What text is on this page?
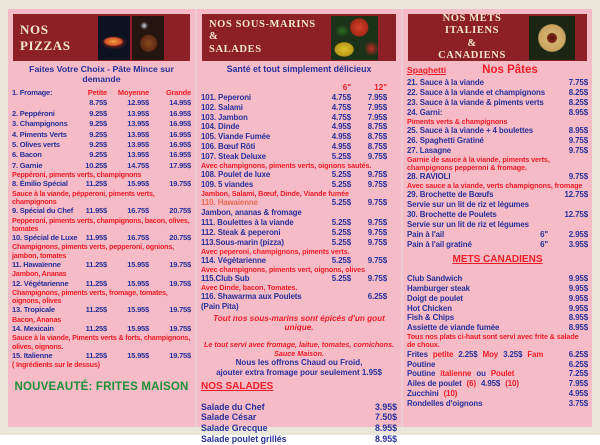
NOS PIZZAS

Faites Votre Choix - Pâte Mince sur demande

1. Fromage:	Petite	Moyenne	Grande
8.75$	12.95$	14.95$
2. Peppéroni	9.25$	13.95$	16.95$
3. Champignons	9.25$	13.95$	16.95$
4. Piments Verts	9.25$	13.95$	16.95$
5. Olives verts	9.25$	13.95$	16.95$
6. Bacon	9.25$	13.95$	16.95$
7. Garnie	10.25$	14.75$	17.95$
Peppéroni, piments verts, champignons
8. Émilio Spécial	11.25$	15.95$	19.75$
Sauce à la viande, pépperoni, piments verts, champignons
9. Spécial du Chef	11.95$	16.75$	20.75$
Pepperoni, piments verts, champignons, bacon, olives, tomates
10. Spécial de Luxe	11.95$	16.75$	20.75$
Champignons, piments verts, pepperoni, ognions, jambon, tomates
11. Hawaïenne	11.25$	15.95$	19.75$
Jambon, Ananas
12. Végétarienne	11.25$	15.95$	19.75$
Champignons, piments verts, fromage, tomates, oignons, olives
13. Tropicale	11.25$	15.95$	19.75$
Bacon, Ananas
14. Mexicain	11.25$	15.95$	19.75$
Sauce à la viande, Piments verts & forts, champignons, olives, oignons.
15. Italienne	11.25$	15.95$	19.75$
( Ingrédients sur le dessus)

NOUVEAUTÉ: FRITES MAISON

NOS SOUS-MARINS
&
SALADES

Santé et tout simplement délicieux

6"	12"
101. Peperoni	4.75$	7.95$
102. Salami	4.75$	7.95$
103. Jambon	4.75$	7.95$
104. Dinde	4.95$	8.75$
105. Viande Fumée	4.95$	8.75$
106. Bœuf Rôti	4.95$	8.75$
107. Steak Deluxe	5.25$	9.75$
Avec champignons, piments verts, oignons sautés.
108. Poulet de luxe	5.25$	9.75$
109. 5 viandes	5.25$	9.75$
Jambon, Salami, Bœuf, Dinde, Viande fumée
110. Hawaienne	5.25$	9.75$
Jambon, ananas & fromage
111. Boulettes à la viande	5.25$	9.75$
112. Steak & peperoni	5.25$	9.75$
113.Sous-marin (pizza)	5.25$	9.75$
Avec peperoni, champignons, piments verts.
114. Végétarienne	5.25$	9.75$
Avec champignons, piments vert, oignons, olives
115.Club Sub	5.25$	9.75$
Avec Dinde, bacon, Tomates.
116. Shawarma aux Poulets	6.25$
(Pain Pita)

Tout nos sous-marins sont épicés d'un gout unique.

Le tout servi avec fromage, laitue, tomates, cornichons. Sauce Maison.

Nous les offrons Chaud ou Froid,

ajouter extra fromage pour seulement 1.95$

NOS SALADES
Salade du Chef	3.95$
Salade César	7.50$
Salade Grecque	8.95$
Salade poulet grillés	8.95$
NOS METS ITALIENS
&
CANADIENS
Spaghetti	Nos Pâtes
21. Sauce à la viande	7.75$
22. Sauce à la viande et champignons	8.25$
23. Sauce à la viande & piments verts	8.25$
24. Garni:	8.95$
Piments verts & champignons
25. Sauce à la viande + 4 boulettes	8.95$
26. Spaghetti Gratiné	9.75$
27. Lasagne	9.75$
Garnie de sauce à la viande, piments verts, champignons pepperoni & fromage.
28. RAVIOLI	9.75$
Avec sauce a la viande, verts champignons, fromage
29. Brochette de Bœufs	12.75$
Servie sur un lit de riz et légumes
30. Brochette de Poulets	12.75$
Servie sur un lit de riz et légumes
Pain à l'ail	6"	2.95$
Pain à l'ail gratiné	6"	3.95$
METS CANADIENS
Club Sandwich	9.95$
Hamburger steak	9.95$
Doigt de poulet	9.95$
Hot Chicken	9.95$
Fish & Chips	8.95$
Assiette de viande fumée	8.95$
Tous nos plats ci-haut sont servi avec frite & salade de choux.
Frites petite 2.25$ Moy 3.25$ Fam	6.25$
Poutine	6.25$
Poutine italienne ou Poulet	7.25$
Ailes de poulet (6) 4.95$ (10)	7.95$
Zucchini (10)	4.95$
Rondelles d'oignons	3.75$
